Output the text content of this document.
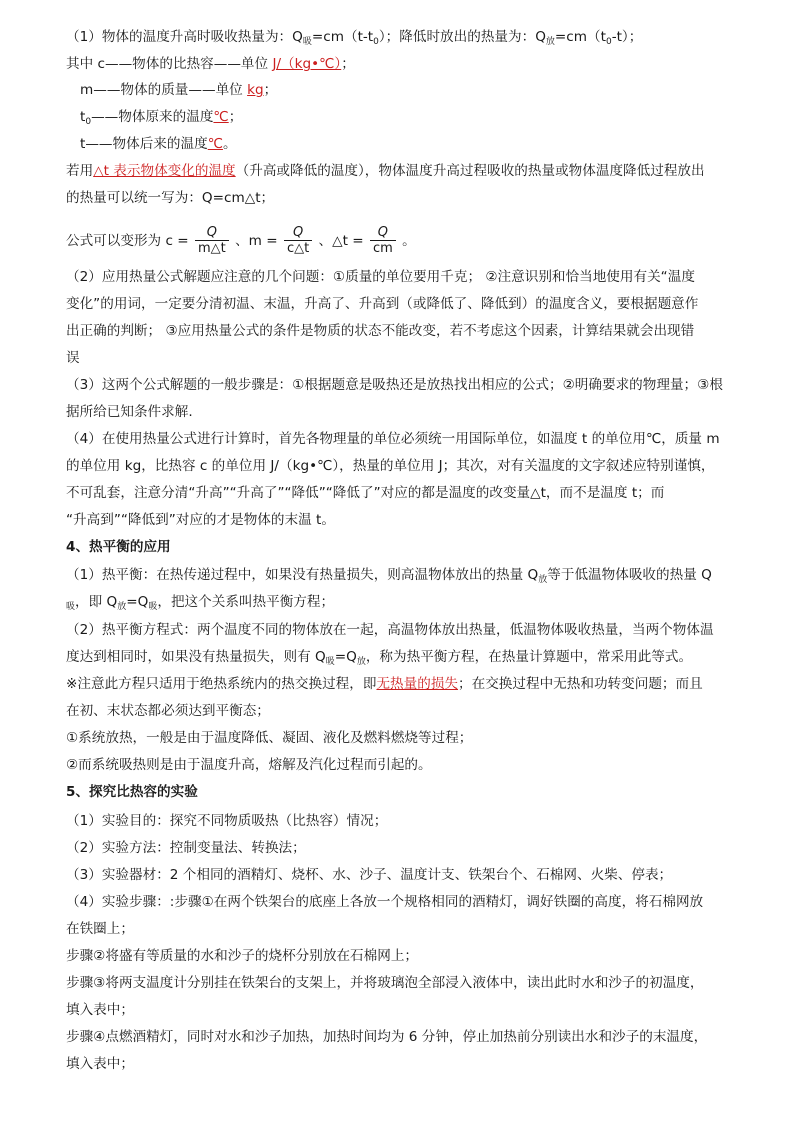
（1）物体的温度升高时吸收热量为：$Q_吸=cm(t-t_0)$；降低时放出的热量为：$Q_放=cm(t_0-t)$；
其中 c——物体的比热容——单位 J/（kg•℃）；
m——物体的质量——单位 kg；
$t_0——$物体原来的温度℃；
t——物体后来的温度℃。
若用△t 表示物体变化的温度（升高或降低的温度），物体温度升高过程吸收的热量或物体温度降低过程放出
的热量可以统一写为：Q=cm△t；
公式可以变形为 $c = \frac{Q}{m\triangle t}$ 、$m = \frac{Q}{c\triangle t}$ 、△t = $\frac{Q}{cm}$ 。
（2）应用热量公式解题应注意的几个问题：①质量的单位要用千克； ②注意识别和恰当地使用有关“温度
变化”的用词，一定要分清初温、末温，升高了、升高到（或降低了、降低到）的温度含义，要根据题意作
出正确的判断； ③应用热量公式的条件是物质的状态不能改变，若不考虑这个因素，计算结果就会出现错
误
（3）这两个公式解题的一般步骤是：①根据题意是吸热还是放热找出相应的公式；②明确要求的物理量；③根
据所给已知条件求解.
（4）在使用热量公式进行计算时，首先各物理量的单位必须统一用国际单位，如温度 t 的单位用℃，质量 m
的单位用 kg，比热容 c 的单位用 J/（kg•℃），热量的单位用 J；其次，对有关温度的文字叙述应特别谨慎，
不可乱套，注意分清“升高”“升高了”“降低”“降低了”对应的都是温度的改变量△t，而不是温度 t；而
“升高到”“降低到”对应的才是物体的末温 t。
4、热平衡的应用
（1）热平衡：在热传递过程中，如果没有热量损失，则高温物体放出的热量 $Q_放$等于低温物体吸收的热量 Q
$_吸$，即 $Q_放=Q_吸$，把这个关系叫热平衡方程；
（2）热平衡方程式：两个温度不同的物体放在一起，高温物体放出热量，低温物体吸收热量，当两个物体温
度达到相同时，如果没有热量损失，则有 $Q_吸=Q_放$，称为热平衡方程，在热量计算题中，常采用此等式。
※注意此方程只适用于绝热系统内的热交换过程，即无热量的损失；在交换过程中无热和功转变问题；而且
在初、末状态都必须达到平衡态；
①系统放热，一般是由于温度降低、凝固、液化及燃料燃烧等过程；
②而系统吸热则是由于温度升高，熔解及汽化过程而引起的。
5、探究比热容的实验
（1）实验目的：探究不同物质吸热（比热容）情况；
（2）实验方法：控制变量法、转换法；
（3）实验器材：2 个相同的酒精灯、烧杯、水、沙子、温度计支、铁架台个、石棉网、火柴、停表；
（4）实验步骤：:步骤①在两个铁架台的底座上各放一个规格相同的酒精灯，调好铁圈的高度，将石棉网放
在铁圈上；
步骤②将盛有等质量的水和沙子的烧杯分别放在石棉网上；
步骤③将两支温度计分别挂在铁架台的支架上，并将玻璃泡全部浸入液体中，读出此时水和沙子的初温度，
填入表中；
步骤④点燃酒精灯，同时对水和沙子加热，加热时间均为 6 分钟，停止加热前分别读出水和沙子的末温度，
填入表中；
